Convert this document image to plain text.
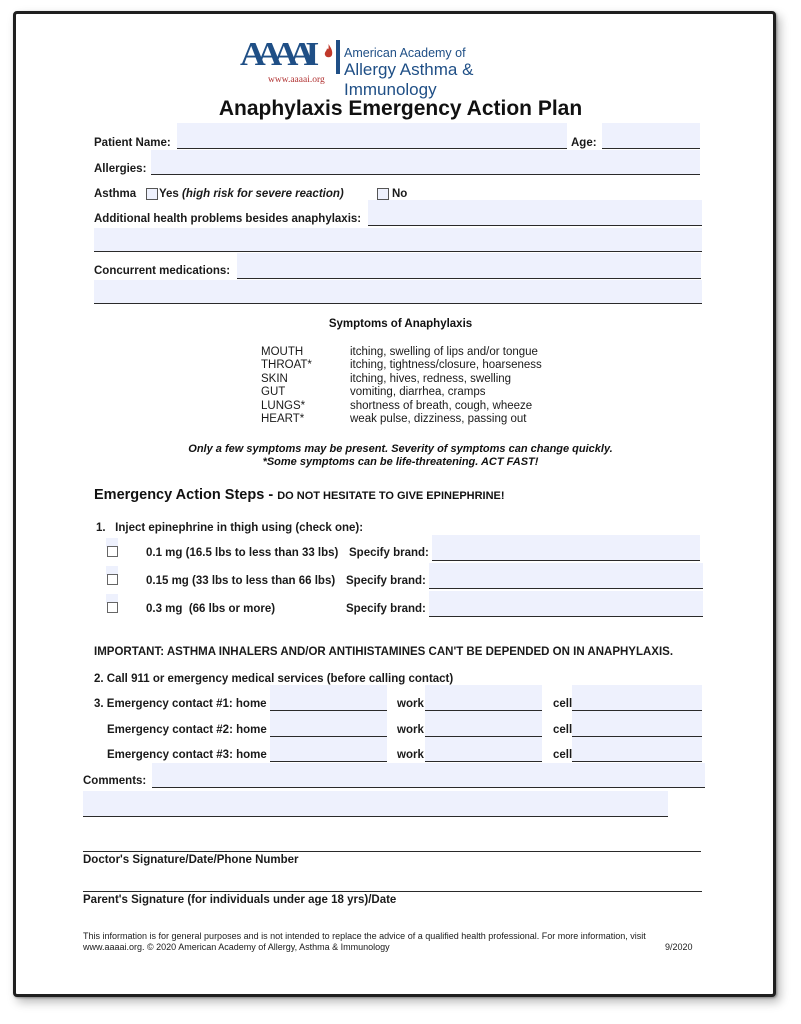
AAAAI	American Academy of
Allergy Asthma & Immunology
www.aaaai.org
Anaphylaxis Emergency Action Plan
Patient Name:	Age:
Allergies:
Asthma Yes (high risk for severe reaction)	No
Additional health problems besides anaphylaxis:
Concurrent medications:
Symptoms of Anaphylaxis
MOUTH	itching, swelling of lips and/or tongue
THROAT*	itching, tightness/closure, hoarseness
SKIN	itching, hives, redness, swelling
GUT	vomiting, diarrhea, cramps
LUNGS*	shortness of breath, cough, wheeze
HEART*	weak pulse, dizziness, passing out
Only a few symptoms may be present. Severity of symptoms can change quickly.
*Some symptoms can be life-threatening. ACT FAST!
Emergency Action Steps - DO NOT HESITATE TO GIVE EPINEPHRINE!
1.   Inject epinephrine in thigh using (check one):
0.1 mg (16.5 lbs to less than 33 lbs) Specify brand:
0.15 mg (33 lbs to less than 66 lbs) Specify brand:
0.3 mg  (66 lbs or more)	Specify brand:
IMPORTANT: ASTHMA INHALERS AND/OR ANTIHISTAMINES CAN'T BE DEPENDED ON IN ANAPHYLAXIS.
2. Call 911 or emergency medical services (before calling contact)
3. Emergency contact #1: home	work	cell
Emergency contact #2: home	work	cell
Emergency contact #3: home	work	cell
Comments:
Doctor's Signature/Date/Phone Number
Parent's Signature (for individuals under age 18 yrs)/Date
This information is for general purposes and is not intended to replace the advice of a qualified health professional. For more information, visit
www.aaaai.org. © 2020 American Academy of Allergy, Asthma & Immunology	9/2020
